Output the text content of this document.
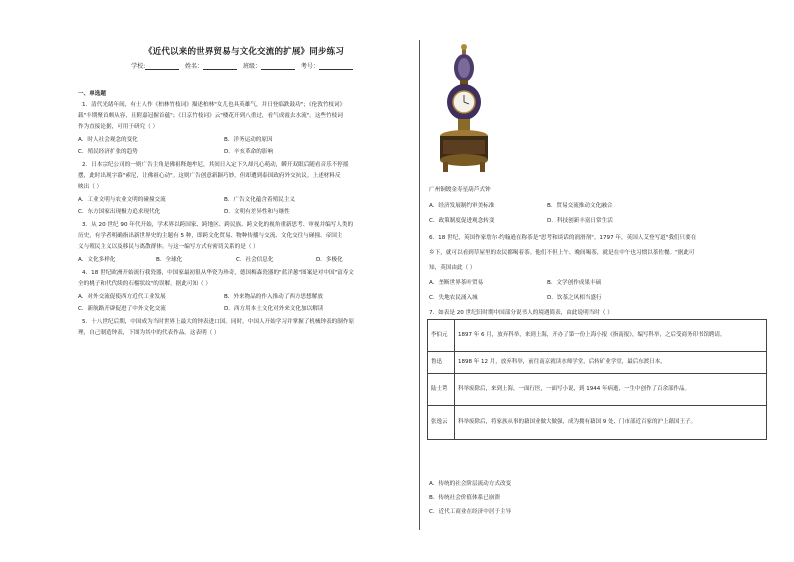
《近代以来的世界贸易与文化交流的扩展》同步练习
学校:	姓名：	班级：	考号：
一、单选题
1．清代光绪年间，有士人作《柏林竹枝词》描述柏林"女儿也具英雄气，并日登临跌鼓功"；《伦敦竹枝词》
载"丰期聚首颇从容，且附嘉冠握首蕴"；《日京竹枝词》云"楼花开到八重过，看气成霞去水流"。这些竹枝词
作为直接论据，可用于研究（ ）
A．时人社会观念的变化	B．洋务运动的原因
C．殖民经济扩张的趋势	D．辛亥革命的影响
2．日本宗纪公司的一则广告主角是佛祖释迦牟尼，其间日入定下久却凡心萌动，瞬开双眼后随看音乐不停摇
摆，此时出现字幕"索尼，让佛祖心动"。这则广告创意新颖巧妙，但却遭到泰国政府外交抗议。上述材料反
映出（ ）
A．工业文明与农业文明的碰撞交流	B．广告文化蕴含着殖民主义
C．东方国家出现极力追求现代化	D．文明有差异性和与继性
3．从 20 世纪 90 年代开始，学术界以跨国家、跨地区、跨民族、跨文化的视角重新思考、审视并编写人类的
历史，有学者明确指出新世界史的主题有 5 种，即跨文化贸易、物种传播与交流、文化交往与碰撞、帝国主
义与殖民主义以及移民与离散群体。与这一编写方式有密切关系的是（ ）
A．文化多样化	B．全球化	C．社会信息化	D．多极化
4．18 世纪欧洲开始流行我瓷器，中国家最初很从华瓷为珍奇，德国梅森瓷器的"蓝洋葱"图案是对中国"富寿文
全的桃子和代代续的石榴状纹"的误解。据此可知（ ）
A．对外交流促使西方近代工业发展	B．外来物品的作入推动了西方思想解放
C．新航路开辟促进了中外文化交流	D．西方用本土文化对外来文化加以解读
5．十八世纪后期，中国成为当时世界上最大的钟表进口国。同时，中国人开始学习并掌握了机械钟表的制作原
理，自己制造钟表，下图为其中的代表作品。这表明（ ）
广州铜镀金寿星葫芦式钟
A．经济发展制约审美标准	B．贸易交流推动文化融合
C．政策制度促进观念转变	D．科技创新丰富日常生活
6．18 世纪，英国作家詹尔·约翰逊在称茶是"思考和谈话的润滑剂"。1797 年，英国人艾登写道"我们只要在
乡下，就可以看到草屋里的农民都喝着茶。他们不但上午、晚间喝茶，就是在中午也习惯以茶佐餐。"据此可
知，英国由此（ ）
A．垄断世界茶叶贸易	B．文学创作成果丰硕
C．失地农民涌入城	D．饮茶之风相当盛行
7．如表是 20 世纪旧时期中国部分说书人的境遇简表，由此说明当时（ ）
李伯元	1897 年 6 月，放弃科举，来到上海，开办了第一份上海小报《指南报》，编写科举，之后受商务印书馆聘请。
鲁迅	1898 年 12 月，放弃科举，前往南京就读水师学堂，后转矿业学堂，最后东渡日本。
陆士谔	科举废除后，来到上海，一面行医，一面写小说，到 1944 年病逝，一生中创作了百余部作品。
张逸云	科举废除后，将家族从事的藉国业做大做强，成为拥有藉国 9 处、门市部近百家的沪上藉国王子。
A．传统的社会阶层流动方式改变
B．传统社会价值体系已崩溃
C．近代工商业在经济中居于主导
